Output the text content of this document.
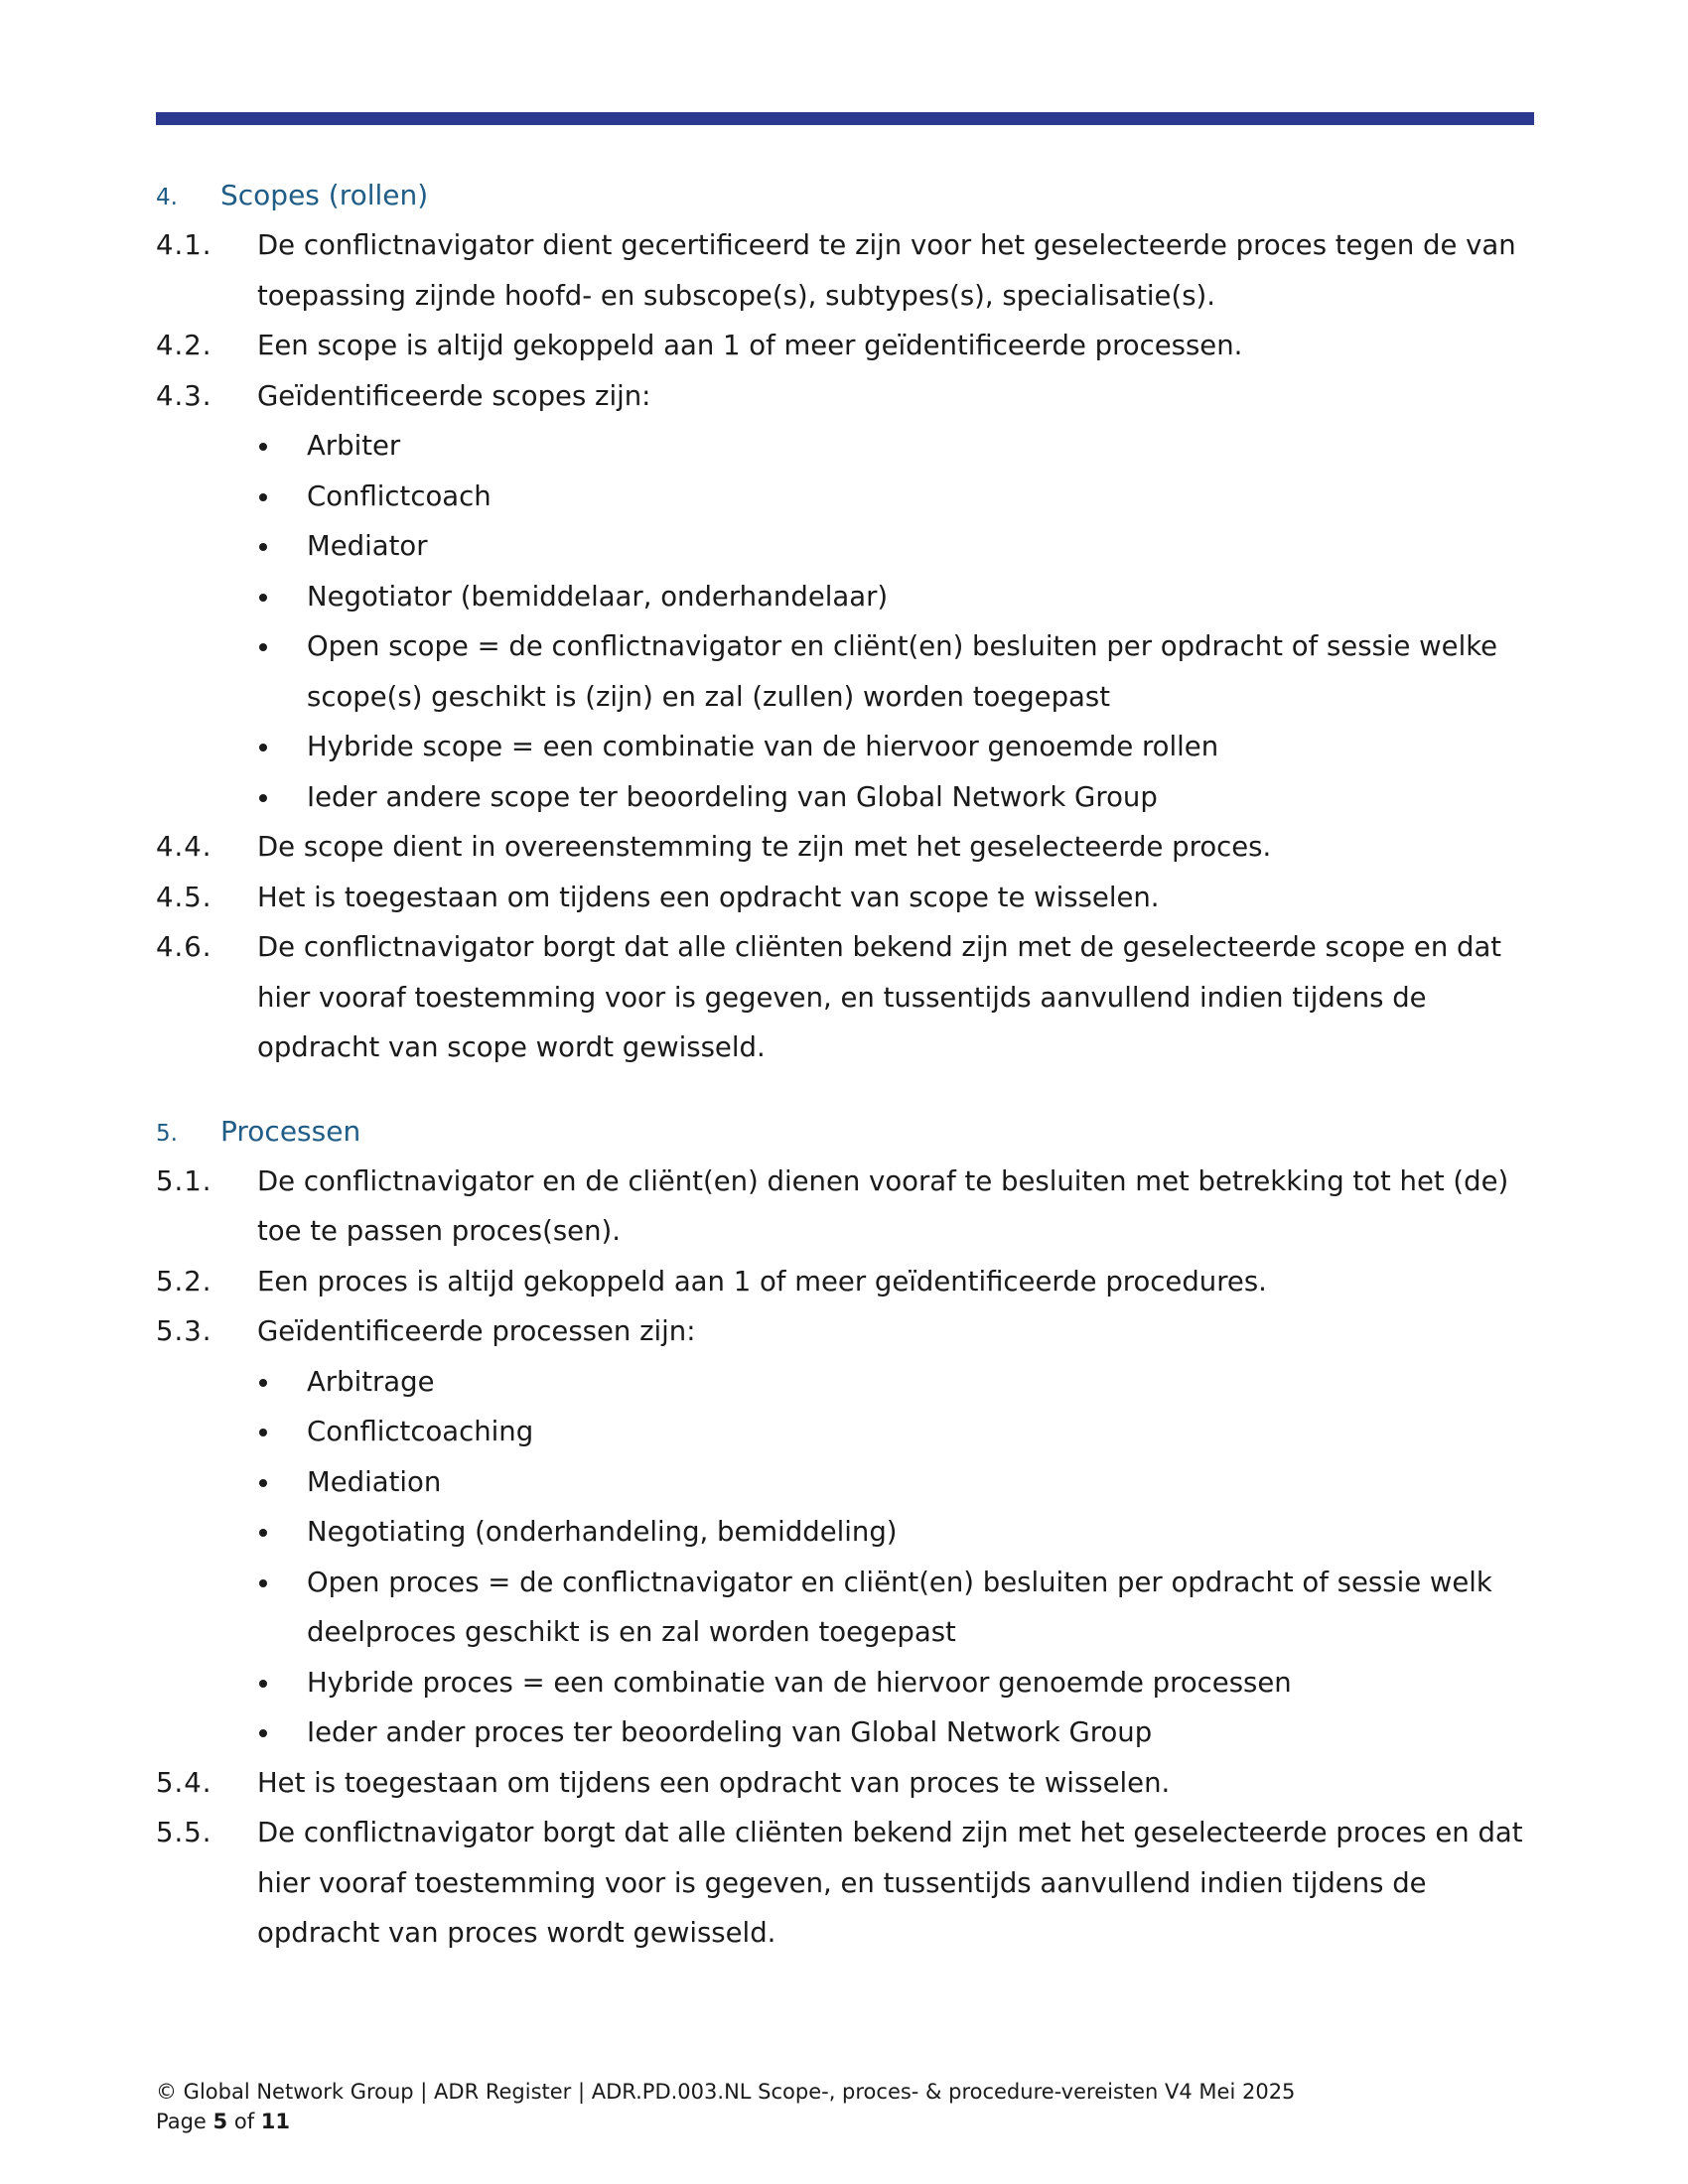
4.	Scopes (rollen)
4.1.	De conflictnavigator dient gecertificeerd te zijn voor het geselecteerde proces tegen de van toepassing zijnde hoofd- en subscope(s), subtypes(s), specialisatie(s).
4.2.	Een scope is altijd gekoppeld aan 1 of meer geïdentificeerde processen.
4.3.	Geïdentificeerde scopes zijn:
Arbiter
Conflictcoach
Mediator
Negotiator (bemiddelaar, onderhandelaar)
Open scope = de conflictnavigator en cliënt(en) besluiten per opdracht of sessie welke scope(s) geschikt is (zijn) en zal (zullen) worden toegepast
Hybride scope = een combinatie van de hiervoor genoemde rollen
Ieder andere scope ter beoordeling van Global Network Group
4.4.	De scope dient in overeenstemming te zijn met het geselecteerde proces.
4.5.	Het is toegestaan om tijdens een opdracht van scope te wisselen.
4.6.	De conflictnavigator borgt dat alle cliënten bekend zijn met de geselecteerde scope en dat hier vooraf toestemming voor is gegeven, en tussentijds aanvullend indien tijdens de opdracht van scope wordt gewisseld.
5.	Processen
5.1.	De conflictnavigator en de cliënt(en) dienen vooraf te besluiten met betrekking tot het (de) toe te passen proces(sen).
5.2.	Een proces is altijd gekoppeld aan 1 of meer geïdentificeerde procedures.
5.3.	Geïdentificeerde processen zijn:
Arbitrage
Conflictcoaching
Mediation
Negotiating (onderhandeling, bemiddeling)
Open proces = de conflictnavigator en cliënt(en) besluiten per opdracht of sessie welk deelproces geschikt is en zal worden toegepast
Hybride proces = een combinatie van de hiervoor genoemde processen
Ieder ander proces ter beoordeling van Global Network Group
5.4.	Het is toegestaan om tijdens een opdracht van proces te wisselen.
5.5.	De conflictnavigator borgt dat alle cliënten bekend zijn met het geselecteerde proces en dat hier vooraf toestemming voor is gegeven, en tussentijds aanvullend indien tijdens de opdracht van proces wordt gewisseld.
© Global Network Group | ADR Register | ADR.PD.003.NL Scope-, proces- & procedure-vereisten V4 Mei 2025
Page 5 of 11
